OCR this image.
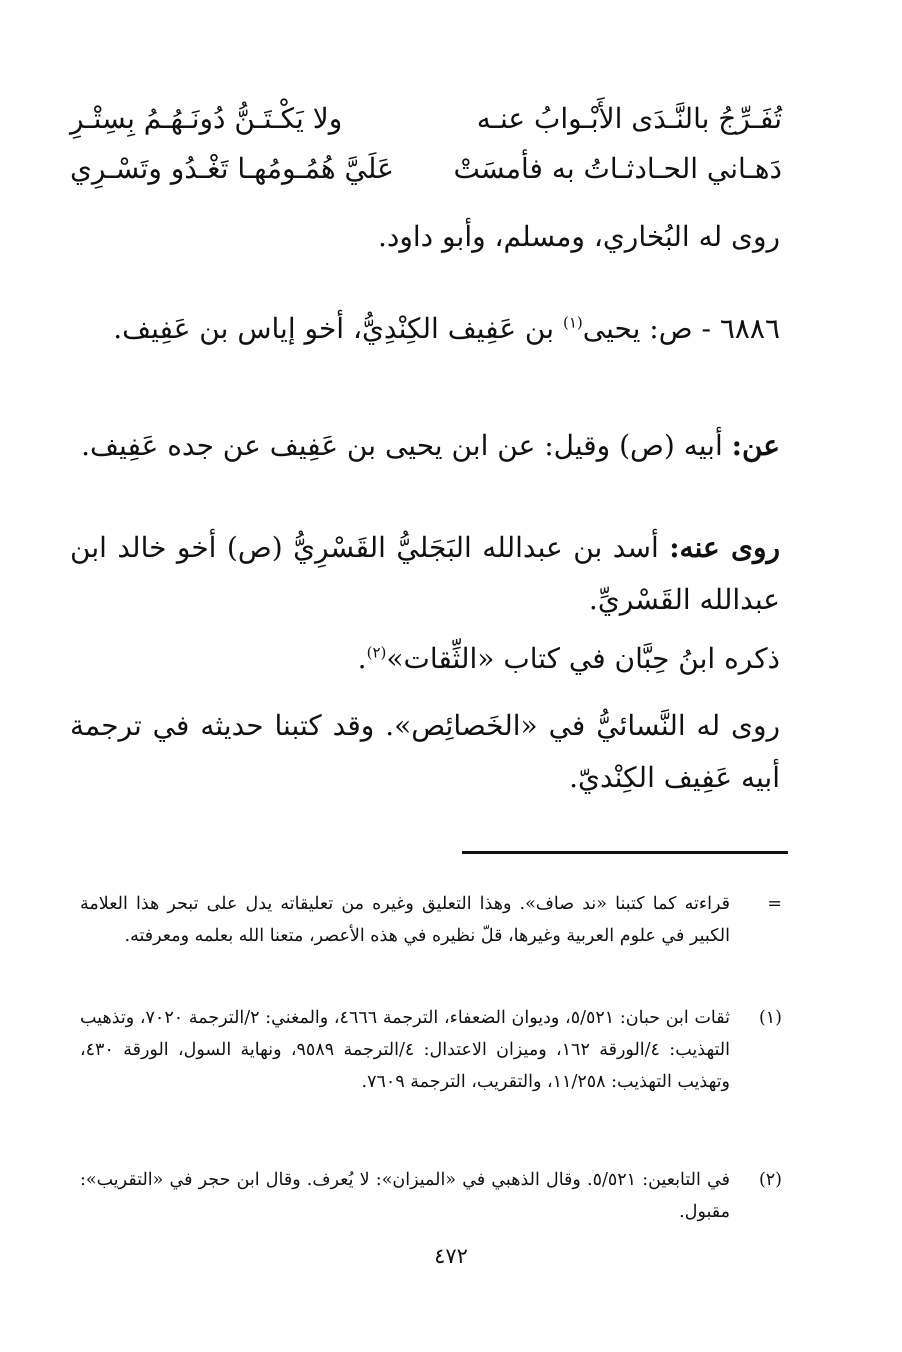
تُفَـرِّجُ بالنَّـدَى الأَبْـوابُ عنـه
ولا يَكْـتَـنُّ دُونَـهُـمُ بِسِتْـرِ
دَهـاني الحـادثـاتُ به فأمسَتْ
عَلَيَّ هُمُـومُهـا تَغْـدُو وتَسْـرِي

روى له البُخاري، ومسلم، وأبو داود.

٦٨٨٦ - ص: يحيى$^{(١)}$ بن عَفِيف الكِنْدِيُّ، أخو إياس بن عَفِيف.

عن: أبيه (ص) وقيل: عن ابن يحيى بن عَفِيف عن جده عَفِيف.

روى عنه: أسد بن عبدالله البَجَليُّ القَسْرِيُّ (ص) أخو خالد ابن عبدالله القَسْريِّ.

ذكره ابنُ حِبَّان في كتاب «الثِّقات»$^{(٢)}$.

روى له النَّسائيُّ في «الخَصائِص». وقد كتبنا حديثه في ترجمة أبيه عَفِيف الكِنْديّ.

=
قراءته كما كتبنا «ند صاف». وهذا التعليق وغيره من تعليقاته يدل على تبحر هذا العلامة الكبير في علوم العربية وغيرها، قلّ نظيره في هذه الأعصر، متعنا الله بعلمه ومعرفته.
(١)
ثقات ابن حبان: ٥/٥٢١، وديوان الضعفاء، الترجمة ٤٦٦٦، والمغني: ٢/الترجمة ٧٠٢٠، وتذهيب التهذيب: ٤/الورقة ١٦٢، وميزان الاعتدال: ٤/الترجمة ٩٥٨٩، ونهاية السول، الورقة ٤٣٠، وتهذيب التهذيب: ١١/٢٥٨، والتقريب، الترجمة ٧٦٠٩.
(٢)
في التابعين: ٥/٥٢١. وقال الذهبي في «الميزان»: لا يُعرف. وقال ابن حجر في «التقريب»: مقبول.
٤٧٢
